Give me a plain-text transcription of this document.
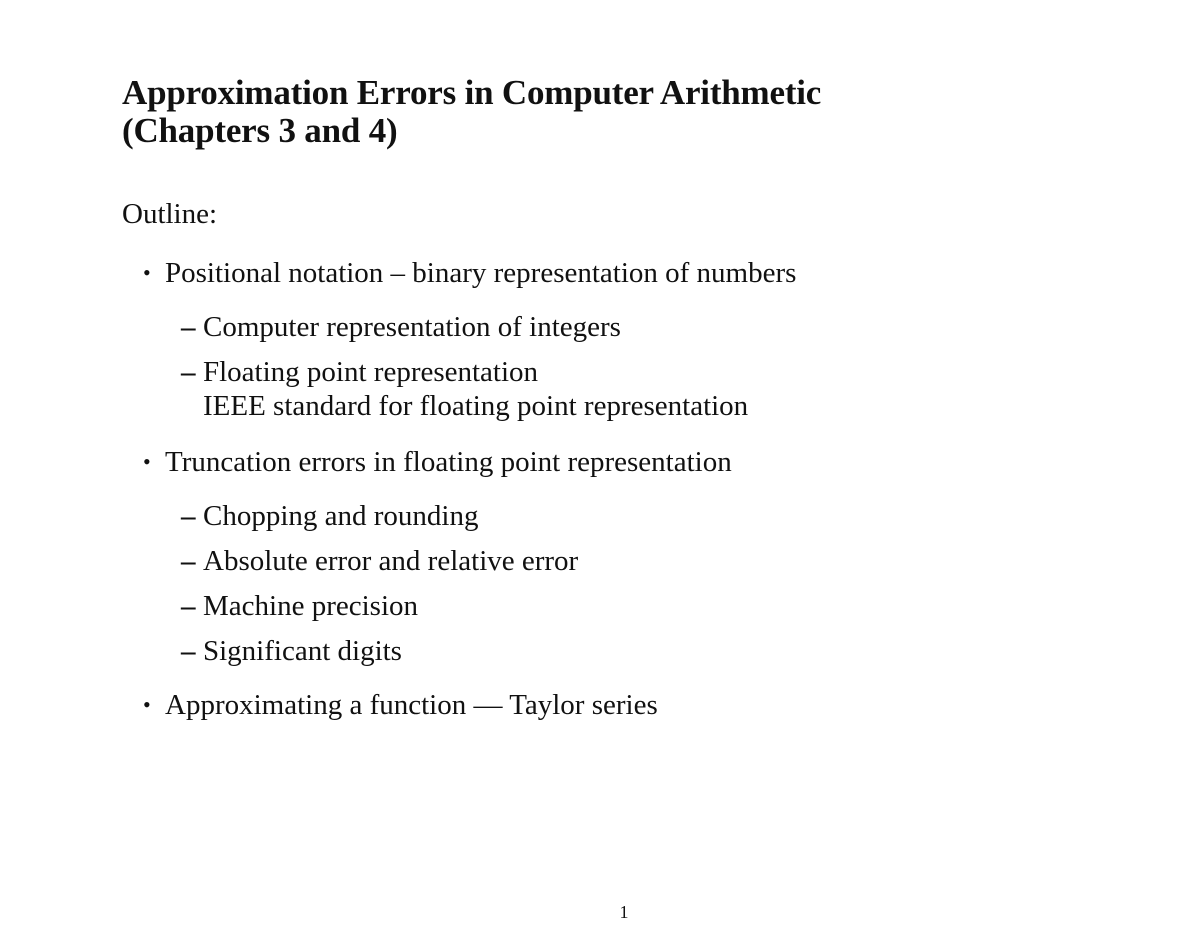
Approximation Errors in Computer Arithmetic
(Chapters 3 and 4)
Outline:
• Positional notation – binary representation of numbers
– Computer representation of integers
– Floating point representation
IEEE standard for floating point representation
• Truncation errors in floating point representation
– Chopping and rounding
– Absolute error and relative error
– Machine precision
– Significant digits
• Approximating a function — Taylor series
1
